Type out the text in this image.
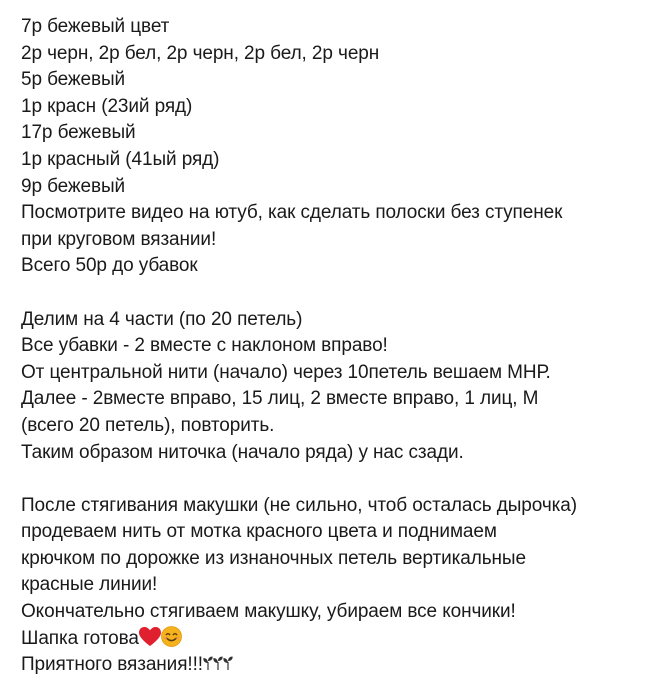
7р бежевый цвет
2р черн, 2р бел, 2р черн, 2р бел, 2р черн
5р бежевый
1р красн (23ий ряд)
17р бежевый
1р красный (41ый ряд)
9р бежевый
Посмотрите видео на ютуб, как сделать полоски без ступенек
при круговом вязании!
Всего 50р до убавок
Делим на 4 части (по 20 петель)
Все убавки - 2 вместе с наклоном вправо!
От центральной нити (начало) через 10петель вешаем МНР.
Далее - 2вместе вправо, 15 лиц, 2 вместе вправо, 1 лиц, М
(всего 20 петель), повторить.
Таким образом ниточка (начало ряда) у нас сзади.
После стягивания макушки (не сильно, чтоб осталась дырочка)
продеваем нить от мотка красного цвета и поднимаем
крючком по дорожке из изнаночных петель вертикальные
красные линии!
Окончательно стягиваем макушку, убираем все кончики!
Шапка готова
Приятного вязания!!!
